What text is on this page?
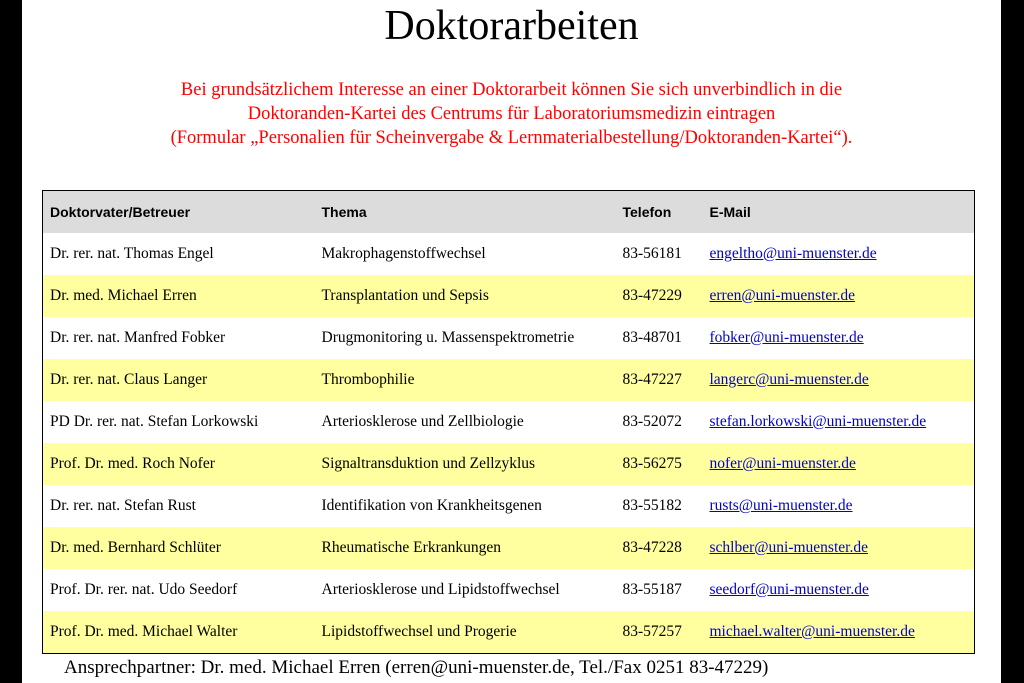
Doktorarbeiten
Bei grundsätzlichem Interesse an einer Doktorarbeit können Sie sich unverbindlich in die
Doktoranden-Kartei des Centrums für Laboratoriumsmedizin eintragen
(Formular „Personalien für Scheinvergabe & Lernmaterialbestellung/Doktoranden-Kartei“).
Doktorvater/Betreuer	Thema	Telefon	E-Mail
Dr. rer. nat. Thomas Engel	Makrophagenstoffwechsel	83-56181	engeltho@uni-muenster.de
Dr. med. Michael Erren	Transplantation und Sepsis	83-47229	erren@uni-muenster.de
Dr. rer. nat. Manfred Fobker	Drugmonitoring u. Massenspektrometrie	83-48701	fobker@uni-muenster.de
Dr. rer. nat. Claus Langer	Thrombophilie	83-47227	langerc@uni-muenster.de
PD Dr. rer. nat. Stefan Lorkowski	Arteriosklerose und Zellbiologie	83-52072	stefan.lorkowski@uni-muenster.de
Prof. Dr. med. Roch Nofer	Signaltransduktion und Zellzyklus	83-56275	nofer@uni-muenster.de
Dr. rer. nat. Stefan Rust	Identifikation von Krankheitsgenen	83-55182	rusts@uni-muenster.de
Dr. med. Bernhard Schlüter	Rheumatische Erkrankungen	83-47228	schlber@uni-muenster.de
Prof. Dr. rer. nat. Udo Seedorf	Arteriosklerose und Lipidstoffwechsel	83-55187	seedorf@uni-muenster.de
Prof. Dr. med. Michael Walter	Lipidstoffwechsel und Progerie	83-57257	michael.walter@uni-muenster.de
Ansprechpartner: Dr. med. Michael Erren (erren@uni-muenster.de, Tel./Fax 0251 83-47229)
